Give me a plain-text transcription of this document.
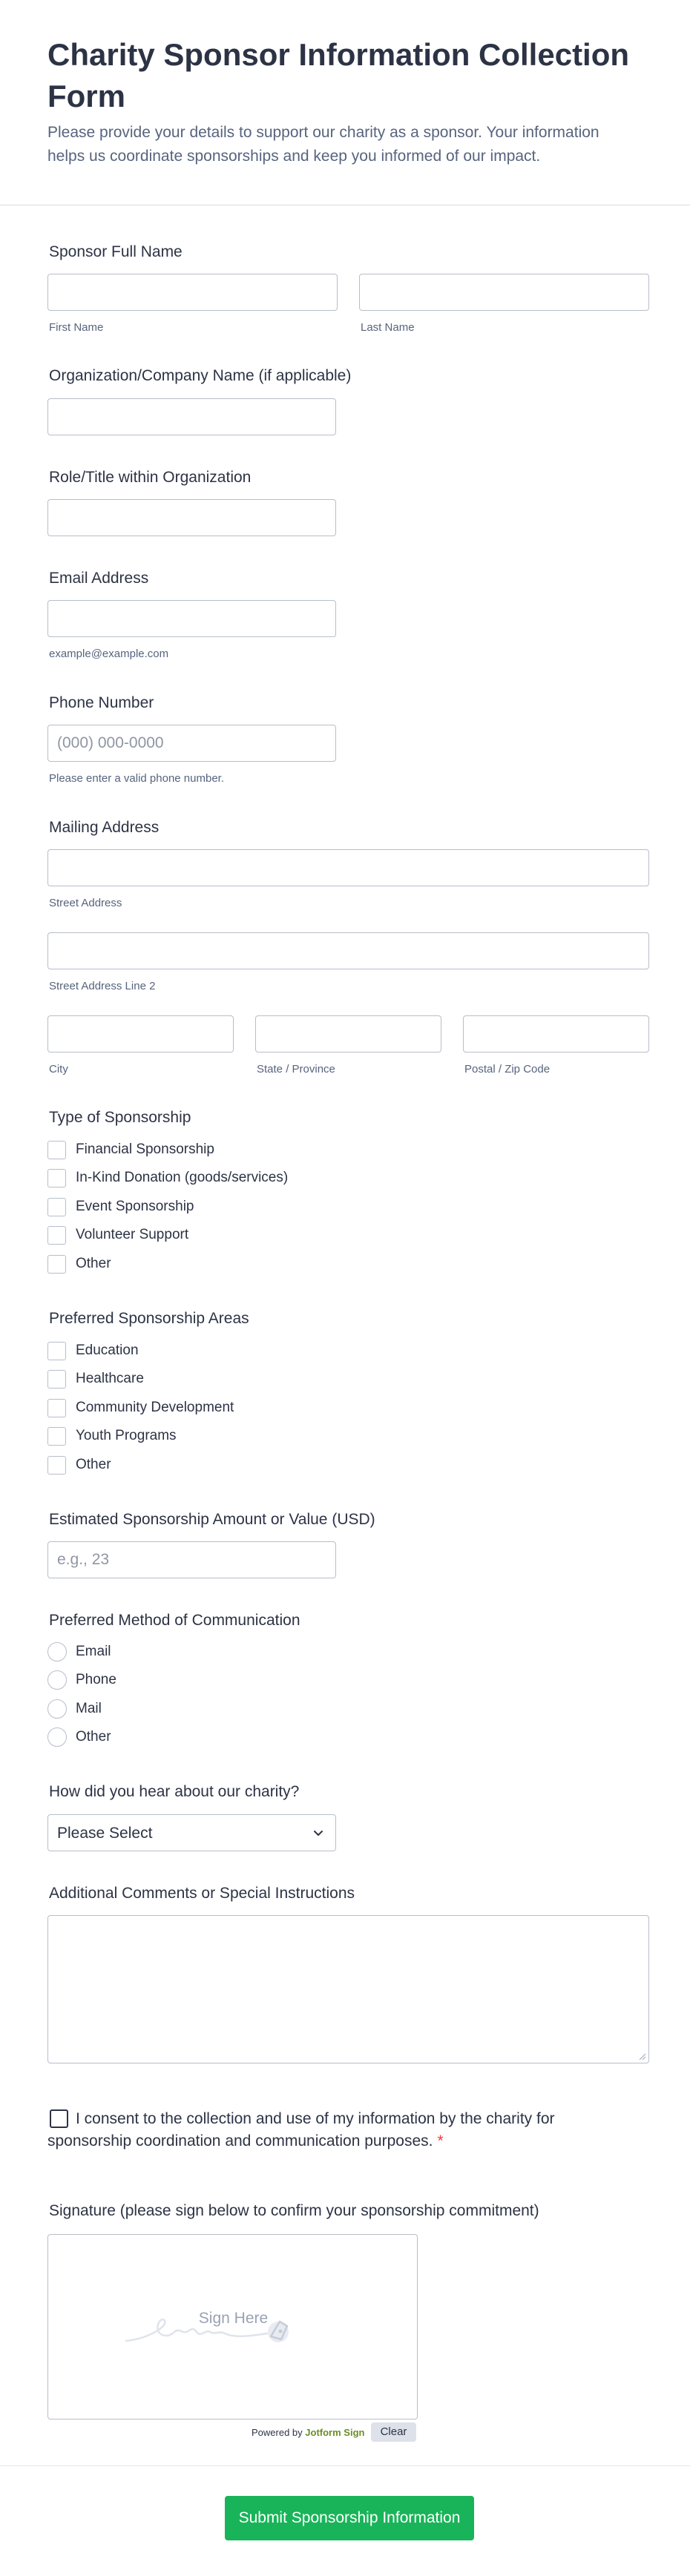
Charity Sponsor Information Collection Form
Please provide your details to support our charity as a sponsor. Your information helps us coordinate sponsorships and keep you informed of our impact.
Sponsor Full Name
First Name	Last Name
Organization/Company Name (if applicable)
Role/Title within Organization
Email Address
example@example.com
Phone Number
(000) 000-0000
Please enter a valid phone number.
Mailing Address
Street Address
Street Address Line 2
City	State / Province	Postal / Zip Code
Type of Sponsorship
Financial Sponsorship
In-Kind Donation (goods/services)
Event Sponsorship
Volunteer Support
Other
Preferred Sponsorship Areas
Education
Healthcare
Community Development
Youth Programs
Other
Estimated Sponsorship Amount or Value (USD)
e.g., 23
Preferred Method of Communication
Email
Phone
Mail
Other
How did you hear about our charity?
Please Select
Additional Comments or Special Instructions
I consent to the collection and use of my information by the charity for sponsorship coordination and communication purposes. *
Signature (please sign below to confirm your sponsorship commitment)
Sign Here
Powered by Jotform Sign	Clear
Submit Sponsorship Information
